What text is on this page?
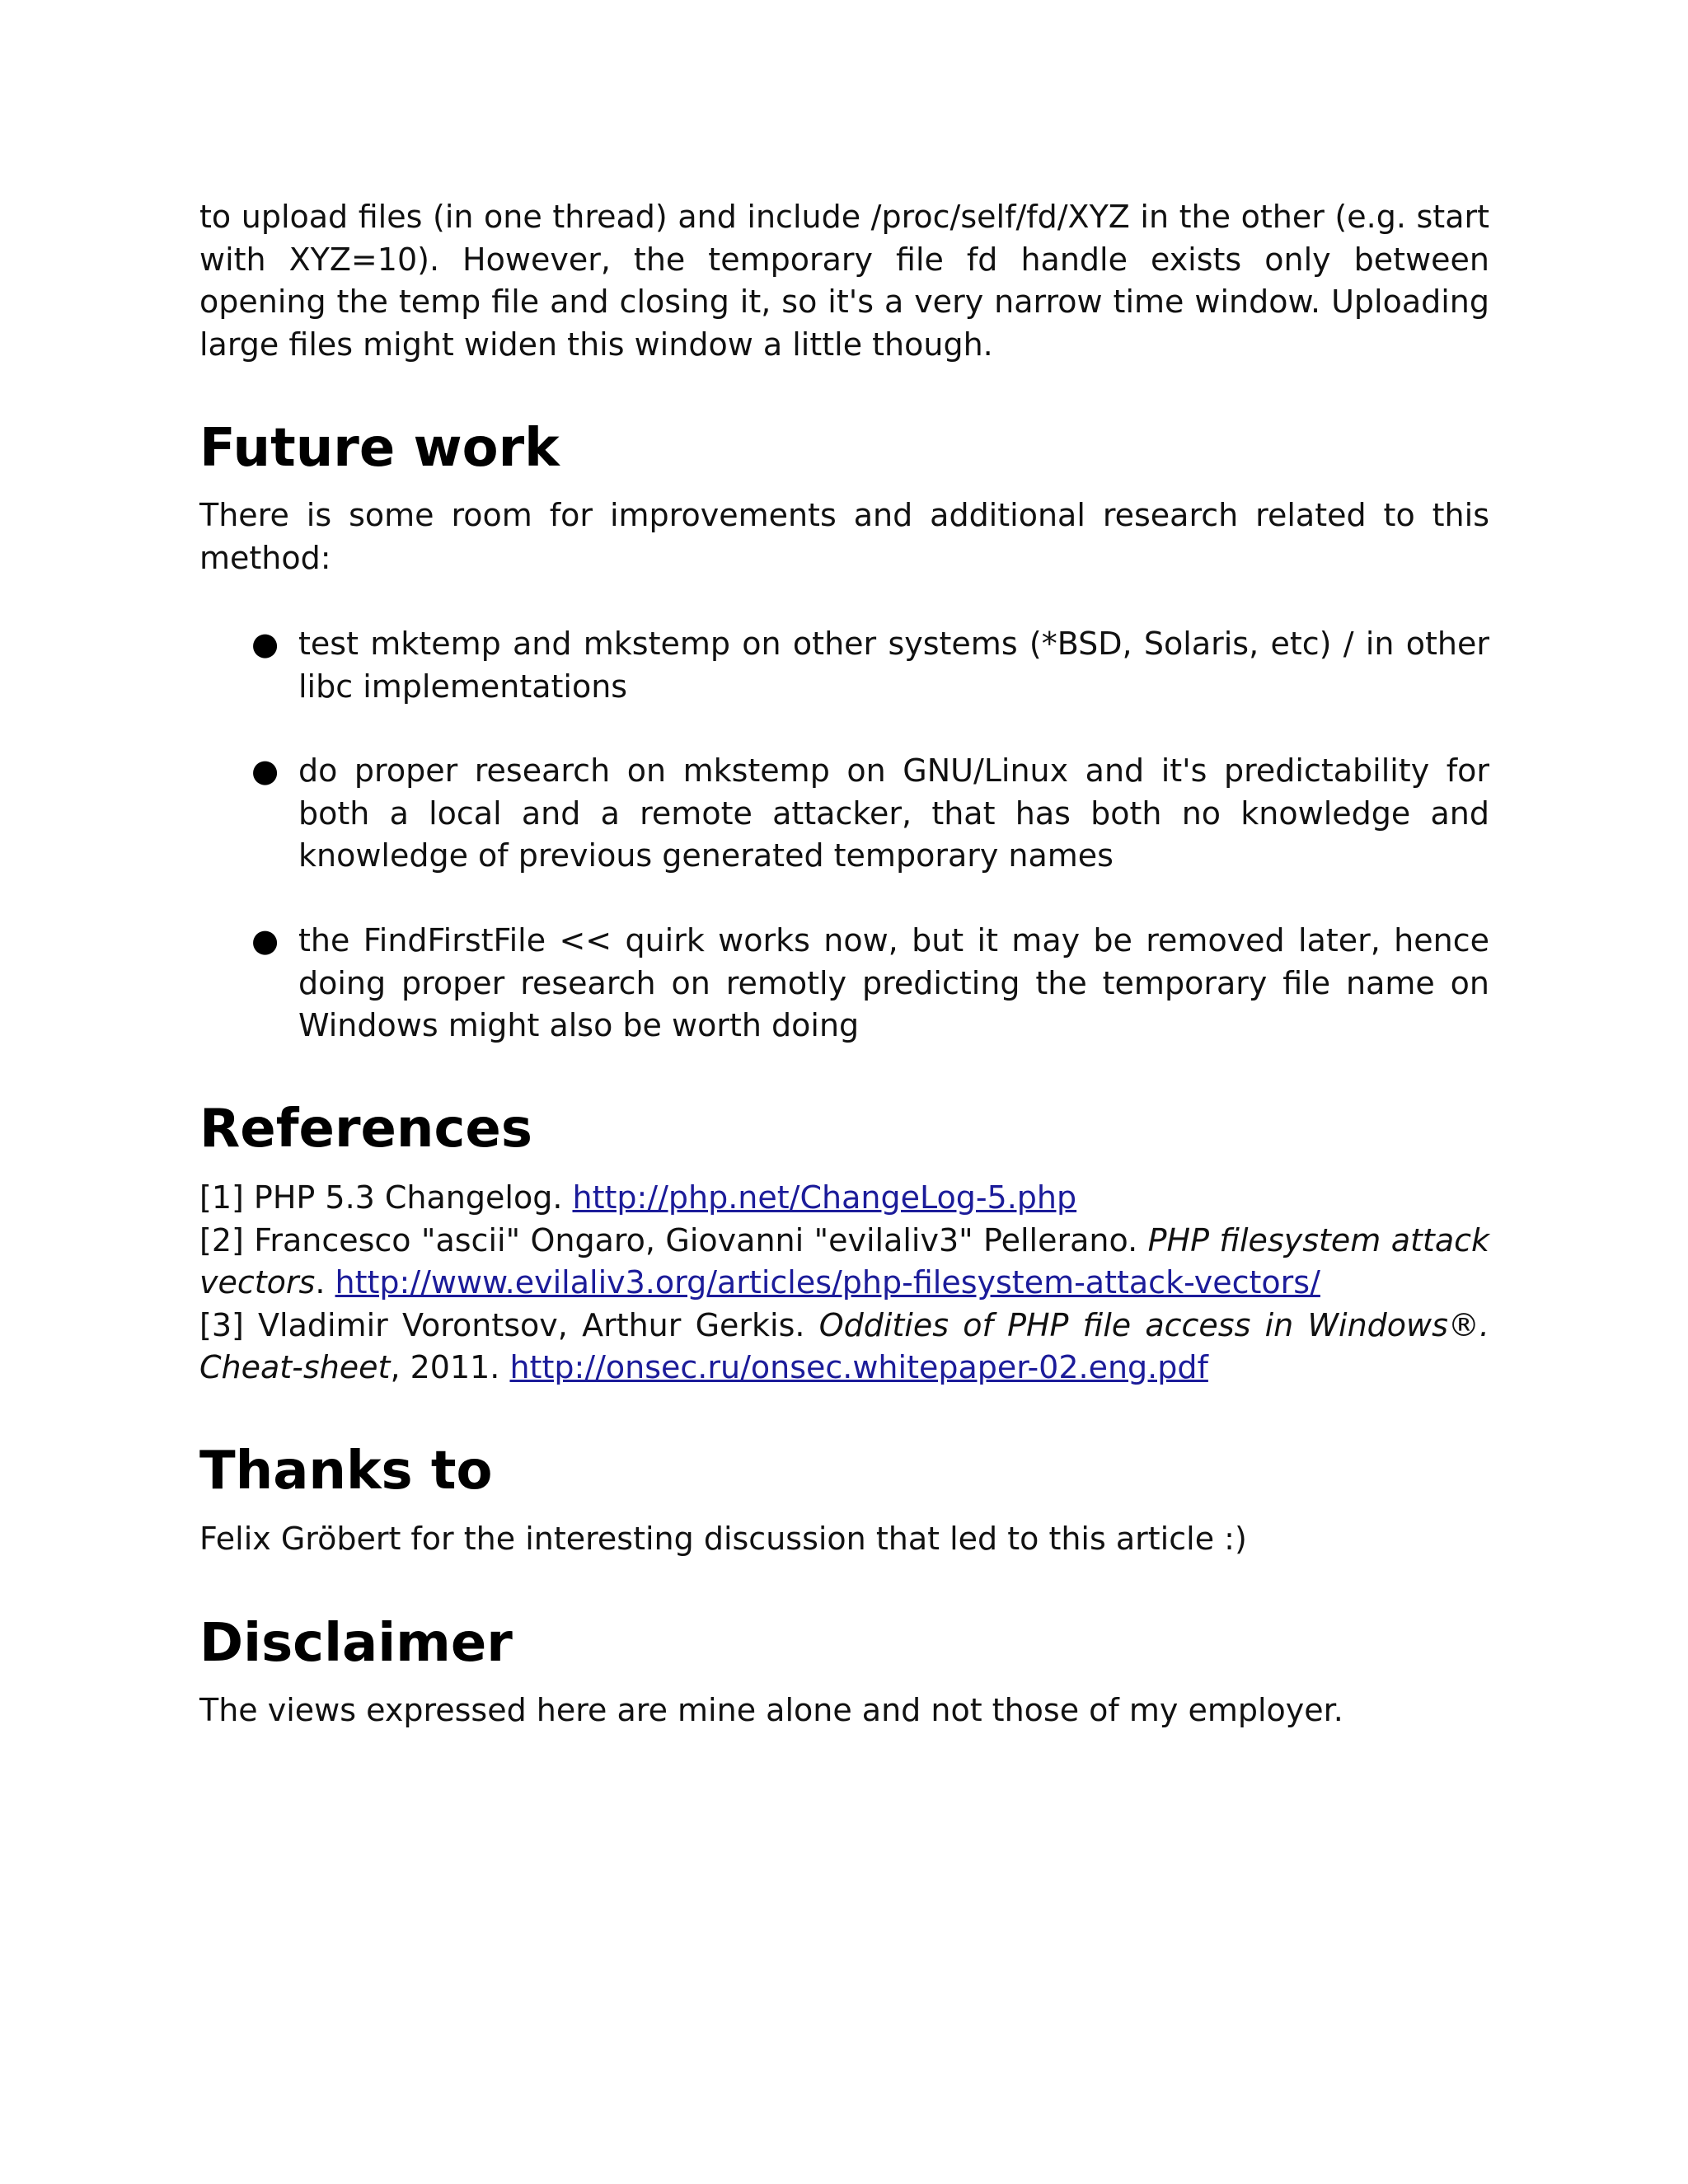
to upload files (in one thread) and include /proc/self/fd/XYZ in the other (e.g. start with XYZ=10). However, the temporary file fd handle exists only between opening the temp file and closing it, so it's a very narrow time window. Uploading large files might widen this window a little though.

Future work

There is some room for improvements and additional research related to this method:

● test mktemp and mkstemp on other systems (*BSD, Solaris, etc) / in other libc implementations

● do proper research on mkstemp on GNU/Linux and it's predictability for both a local and a remote attacker, that has both no knowledge and knowledge of previous generated temporary names

● the FindFirstFile << quirk works now, but it may be removed later, hence doing proper research on remotly predicting the temporary file name on Windows might also be worth doing

References

[1] PHP 5.3 Changelog. http://php.net/ChangeLog-5.php

[2] Francesco "ascii" Ongaro, Giovanni "evilaliv3" Pellerano. PHP filesystem attack vectors. http://www.evilaliv3.org/articles/php-filesystem-attack-vectors/

[3] Vladimir Vorontsov, Arthur Gerkis. Oddities of PHP file access in Windows®. Cheat-sheet, 2011. http://onsec.ru/onsec.whitepaper-02.eng.pdf

Thanks to

Felix Gröbert for the interesting discussion that led to this article :)

Disclaimer

The views expressed here are mine alone and not those of my employer.
